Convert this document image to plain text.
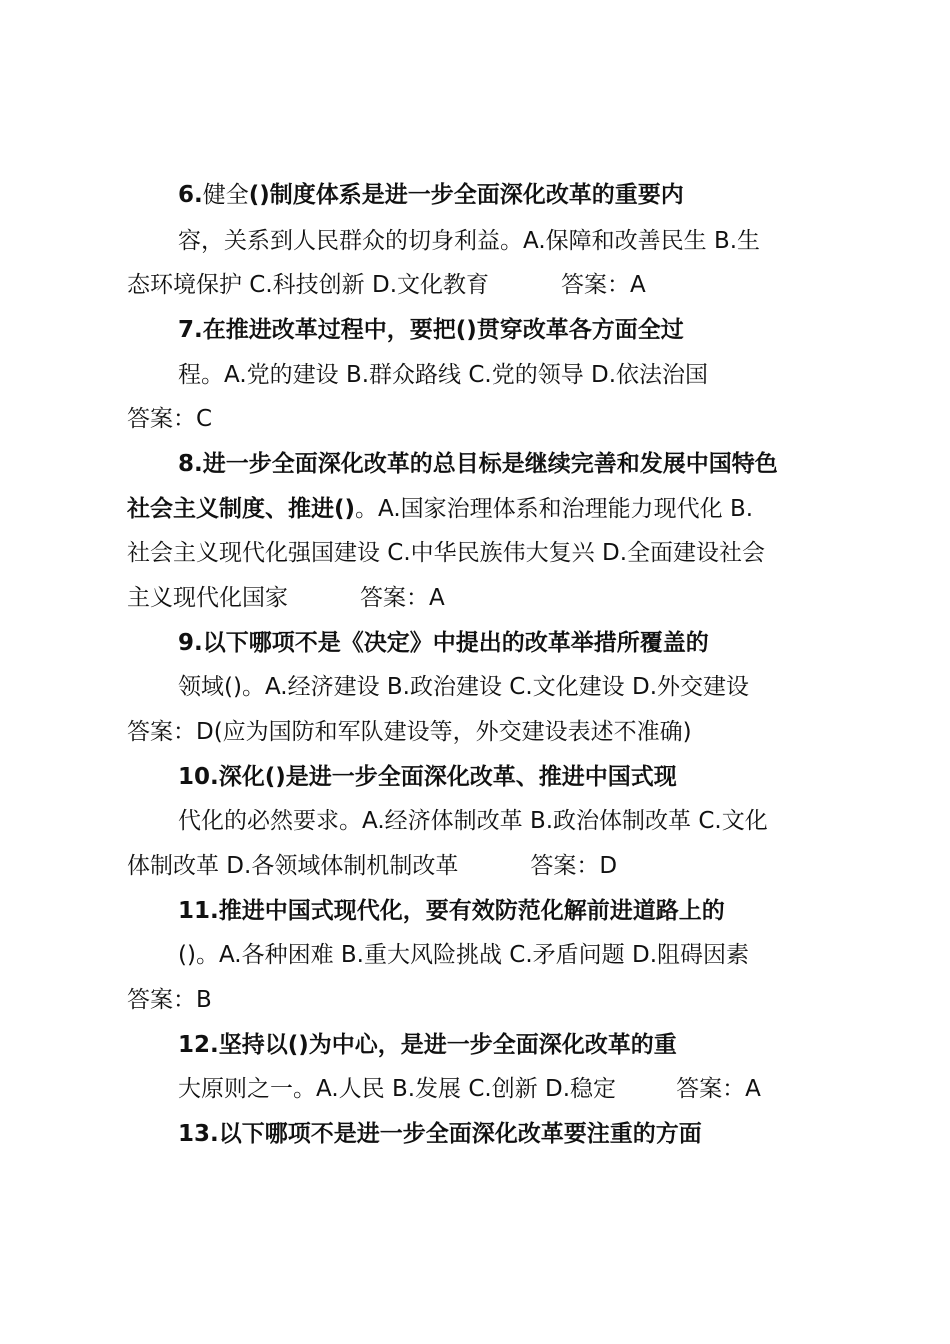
6.健全()制度体系是进一步全面深化改革的重要内
容，关系到人民群众的切身利益。A.保障和改善民生 B.生
态环境保护 C.科技创新 D.文化教育	答案：A
7.在推进改革过程中，要把()贯穿改革各方面全过
程。A.党的建设 B.群众路线 C.党的领导 D.依法治国
答案：C
8.进一步全面深化改革的总目标是继续完善和发展中国特色
社会主义制度、推进()。A.国家治理体系和治理能力现代化 B.
社会主义现代化强国建设 C.中华民族伟大复兴 D.全面建设社会
主义现代化国家	答案：A
9.以下哪项不是《决定》中提出的改革举措所覆盖的
领域()。A.经济建设 B.政治建设 C.文化建设 D.外交建设
答案：D(应为国防和军队建设等，外交建设表述不准确)
10.深化()是进一步全面深化改革、推进中国式现
代化的必然要求。A.经济体制改革 B.政治体制改革 C.文化
体制改革 D.各领域体制机制改革	答案：D
11.推进中国式现代化，要有效防范化解前进道路上的
()。A.各种困难 B.重大风险挑战 C.矛盾问题 D.阻碍因素
答案：B
12.坚持以()为中心，是进一步全面深化改革的重
大原则之一。A.人民 B.发展 C.创新 D.稳定	答案：A
13.以下哪项不是进一步全面深化改革要注重的方面
